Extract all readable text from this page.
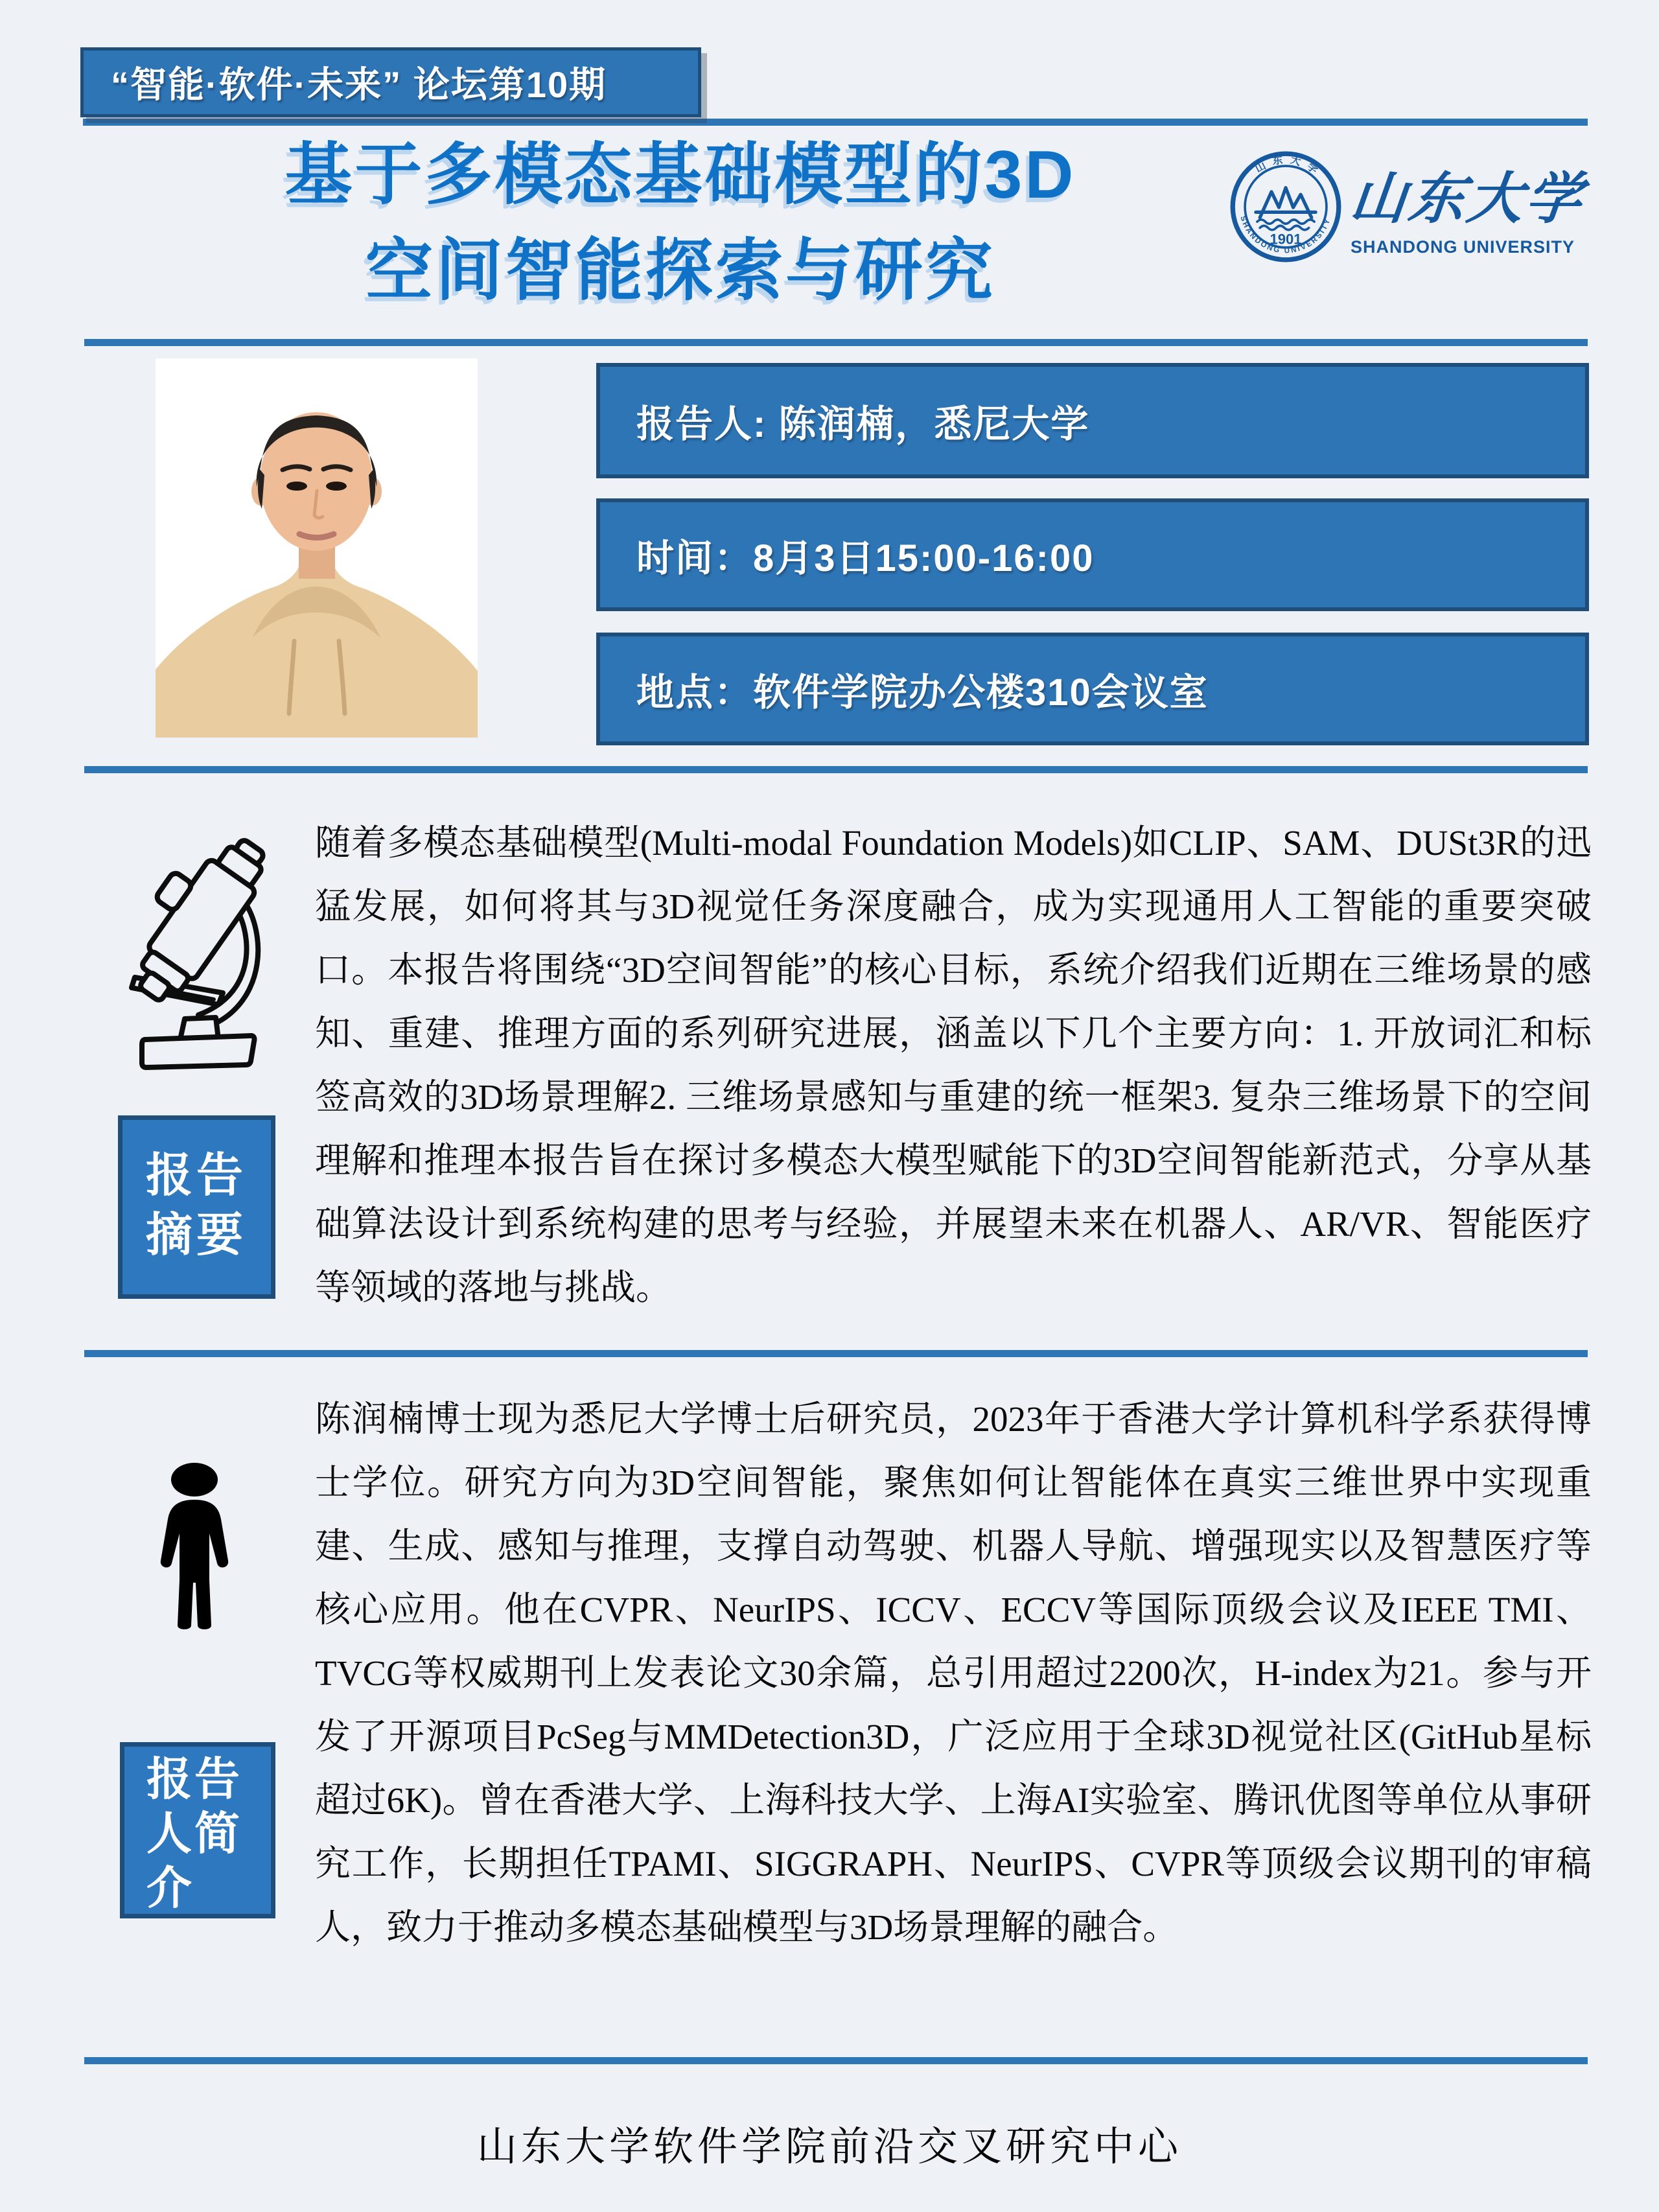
“智能·软件·未来” 论坛第10期
基于多模态基础模型的3D
空间智能探索与研究
山东大学
SHANDONG UNIVERSITY
1901
山东大学
SHANDONG UNIVERSITY
报告人: 陈润楠，悉尼大学
时间：8月3日15:00-16:00
地点：软件学院办公楼310会议室
报告
摘要
随着多模态基础模型(Multi-modal Foundation Models)如CLIP、SAM、DUSt3R的迅猛发展，如何将其与3D视觉任务深度融合，成为实现通用人工智能的重要突破口。本报告将围绕“3D空间智能”的核心目标，系统介绍我们近期在三维场景的感知、重建、推理方面的系列研究进展，涵盖以下几个主要方向：1. 开放词汇和标签高效的3D场景理解2. 三维场景感知与重建的统一框架3. 复杂三维场景下的空间理解和推理本报告旨在探讨多模态大模型赋能下的3D空间智能新范式，分享从基础算法设计到系统构建的思考与经验，并展望未来在机器人、AR/VR、智能医疗等领域的落地与挑战。
报告
人简
介
陈润楠博士现为悉尼大学博士后研究员，2023年于香港大学计算机科学系获得博士学位。研究方向为3D空间智能，聚焦如何让智能体在真实三维世界中实现重建、生成、感知与推理，支撑自动驾驶、机器人导航、增强现实以及智慧医疗等核心应用。他在CVPR、NeurIPS、ICCV、ECCV等国际顶级会议及IEEE TMI、TVCG等权威期刊上发表论文30余篇，总引用超过2200次，H-index为21。参与开发了开源项目PcSeg与MMDetection3D，广泛应用于全球3D视觉社区(GitHub星标超过6K)。曾在香港大学、上海科技大学、上海AI实验室、腾讯优图等单位从事研究工作，长期担任TPAMI、SIGGRAPH、NeurIPS、CVPR等顶级会议期刊的审稿人，致力于推动多模态基础模型与3D场景理解的融合。
山东大学软件学院前沿交叉研究中心
